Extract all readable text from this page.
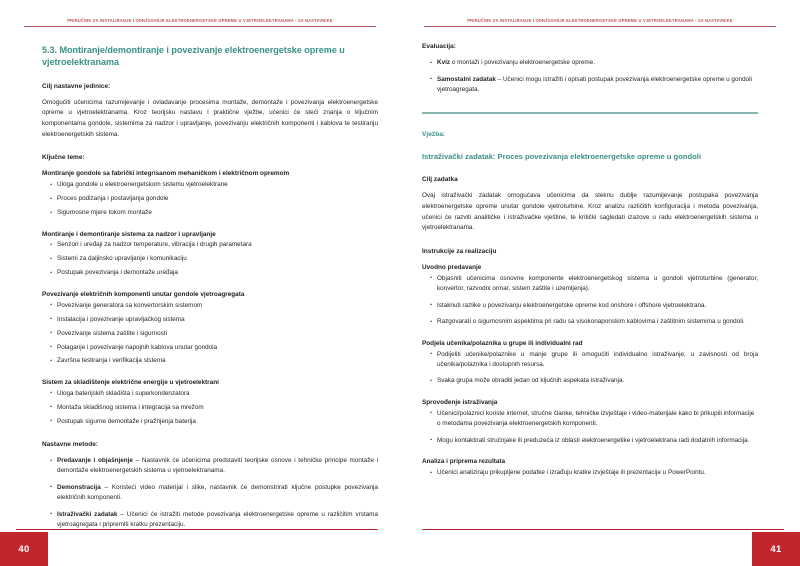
PRIRUČNIK ZA INSTALIRANJE I ODRŽAVANJE ELEKTROENERGETSKE OPREME U VJETROELEKTRANAMA - ZA NASTAVNIKE
5.3. Montiranje/demontiranje i povezivanje elektroenergetske opreme u vjetroelektranama
Cilj nastavne jedinice:

Omogućiti učenicima razumijevanje i ovladavanje procesima montaže, demontaže i povezivanja elektroenergetske opreme u vjetroelektranama. Kroz teorijsku nastavu i praktične vježbe, učenici će steći znanja o ključnim komponentama gondole, sistemima za nadzor i upravljanje, povezivanju električnih komponenti i kablova te testiranju elektroenergetskih sistema.

Ključne teme:
Montiranje gondole sa fabrički integrisanom mehaničkom i električnom opremom
· Uloga gondole u elektroenergetskom sistemu vjetroelektrane
· Proces podizanja i postavljanja gondole
· Sigurnosne mjere tokom montaže
Montiranje i demontiranje sistema za nadzor i upravljanje
· Senzori i uređaji za nadzor temperature, vibracija i drugih parametara
· Sistemi za daljinsko upravljanje i komunikaciju
· Postupak povezivanja i demontaže uređaja
Povezivanje električnih komponenti unutar gondole vjetroagregata
· Povezivanje generatora sa konvertorskim sistemom
· Instalacija i povezivanje upravljačkog sistema
· Povezivanje sistema zaštite i sigurnosti
· Polaganje i povezivanje napojnih kablova unutar gondola
· Završna testiranja i verifikacija sistema
Sistem za skladištenje električne energije u vjetroelektrani
· Uloga baterijskih skladišta i superkondenzatora
· Montaža skladišnog sistema i integracija sa mrežom
· Postupak sigurne demontaže i pražnjenja baterija
Nastavne metode:
· Predavanje i objašnjenje – Nastavnik će učenicima predstaviti teorijske osnove i tehničke principe montaže i demontaže elektroenergetskih sistema u vjetroelektranama.
· Demonstracija – Koristeći video materijal i slike, nastavnik će demonstrirati ključne postupke povezivanja električnih komponenti.
· Istraživački zadatak – Učenici će istražiti metode povezivanja elektroenergetske opreme u različitim vrstama vjetroagregata i pripremiti kratku prezentaciju.
40
PRIRUČNIK ZA INSTALIRANJE I ODRŽAVANJE ELEKTROENERGETSKE OPREME U VJETROELEKTRANAMA - ZA NASTAVNIKE
Evaluacija:
· Kviz o montaži i povezivanju elektroenergetske opreme.
· Samostalni zadatak – Učenici mogu istražiti i opisati postupak povezivanja elektroenergetske opreme u gondoli vjetroagregata.
Vježba:
Istraživački zadatak: Proces povezivanja elektroenergetske opreme u gondoli
Cilj zadatka

Ovaj istraživački zadatak omogućava učenicima da steknu dublje razumijevanje postupaka povezivanja elektroenergetske opreme unutar gondole vjetroturbine. Kroz analizu različitih konfiguracija i metoda povezivanja, učenici će razviti analitičke i istraživačke vještine, te kritički sagledati izazove u radu elektroenergetskih sistema u vjetroelektranama.

Instrukcije za realizaciju
Uvodno predavanje
· Objasniti učenicima osnovne komponente elektroenergetskog sistema u gondoli vjetroturbine (generator, konvertor, razvodni ormar, sistem zaštite i uzemljenja).
· Istaknuti razlike u povezivanju elektroenergetske opreme kod onshore i offshore vjetroelektrana.
· Razgovarati o sigurnosnim aspektima pri radu sa visokonaponskim kablovima i zaštitnim sistemima u gondoli.
Podjela učenika/polaznika u grupe ili individualni rad
· Podijeliti učenike/polaznike u manje grupe ili omogućiti individualno istraživanje, u zavisnosti od broja učenika/polaznika i dostupnih resursa.
· Svaka grupa može obraditi jedan od ključnih aspekata istraživanja.
Sprovođenje istraživanja
· Učenici/polaznici koriste internet, stručne članke, tehničke izvještaje i video-materijale kako bi prikupili informacije o metodama povezivanja elektroenergetskih komponenti.
· Mogu kontaktirati stručnjake ili preduzeća iz oblasti elektroenergetike i vjetroelektrana radi dodatnih informacija.
Analiza i priprema rezultata
· Učenici analiziraju prikupljene podatke i izrađuju kratke izvještaje ili prezentacije u PowerPointu.
41
